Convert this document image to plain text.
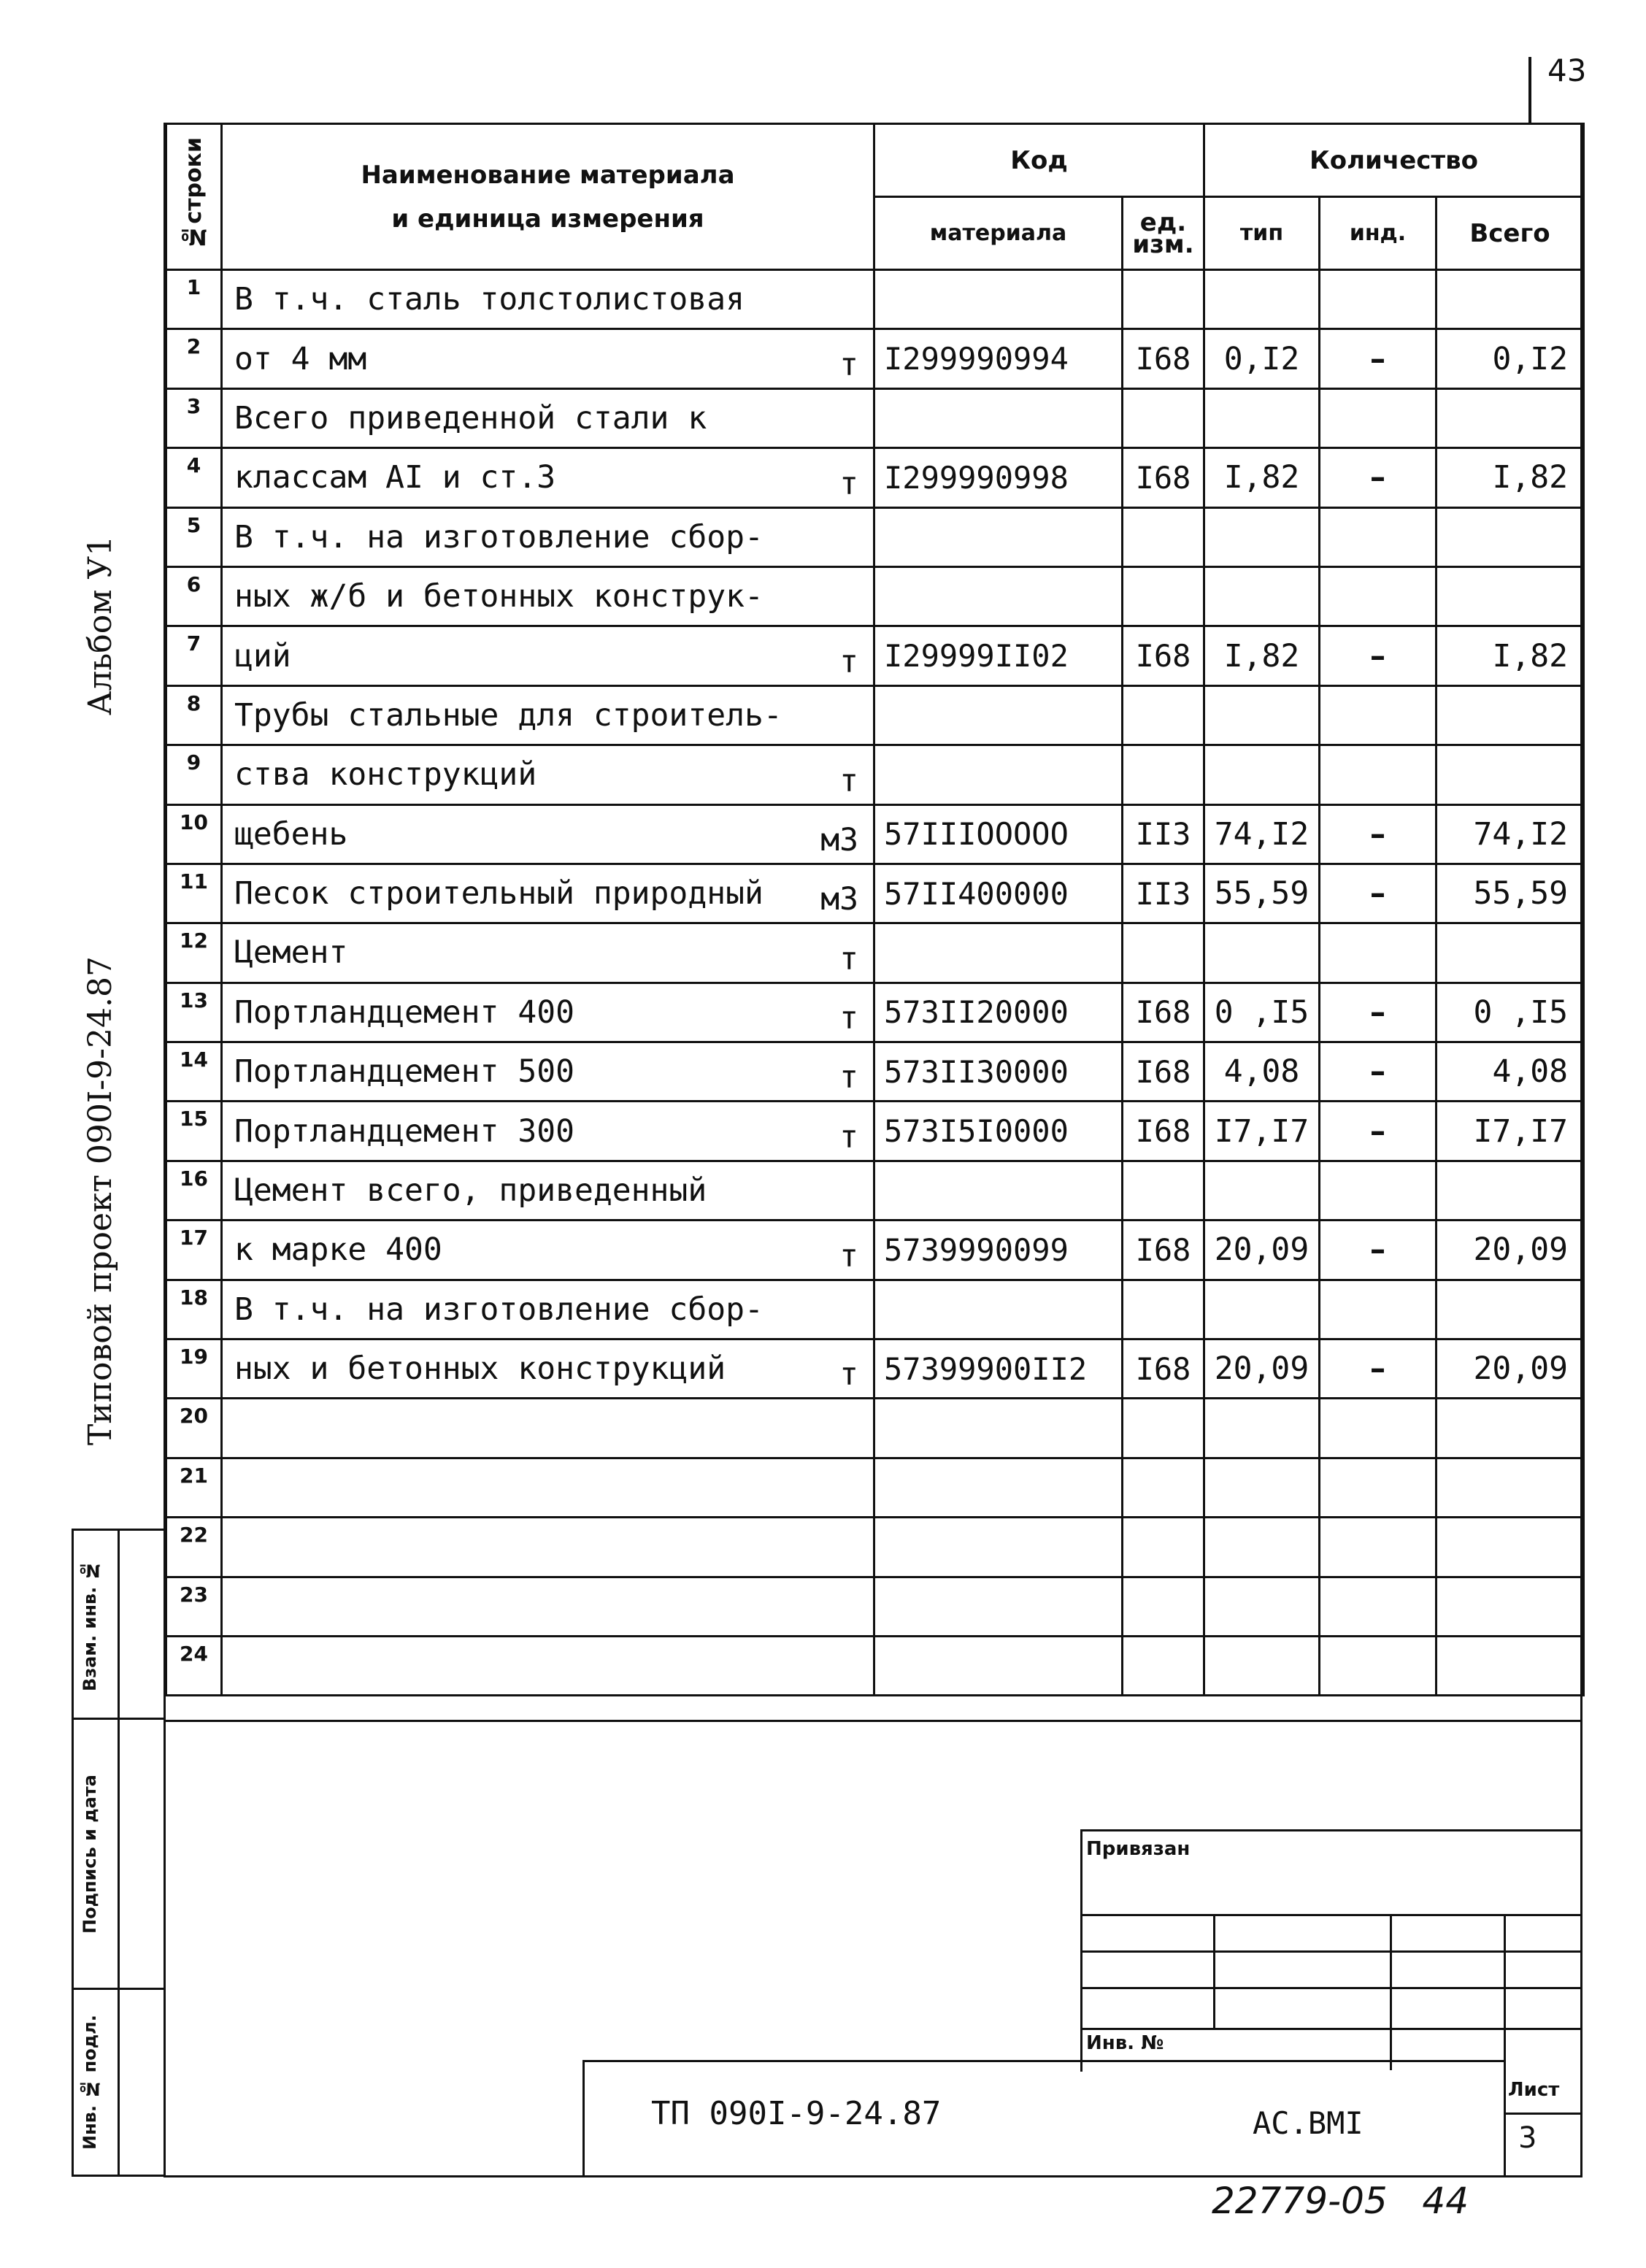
43
Альбом У1
Типовой проект 090I-9-24.87
Взам. инв. №
Подпись и дата
Инв. № подл.
№строки	Наименование материала
и единица измерения	Код		Количество		
		материала	ед. изм.	тип	инд.	Всего
1	В т.ч. сталь толстолистовая

2	от 4 мм т	I299990994	I68	0,I2	–	0,I2
3	Всего приведенной стали к

4	классам AI и ст.3 т	I299990998	I68	I,82	–	I,82
5	В т.ч. на изготовление сбор-

6	ных ж/б и бетонных конструк-

7	ций т	I29999II02	I68	I,82	–	I,82
8	Трубы стальные для строитель-

9	ства конструкций т					

10	щебень м3	57IIIOOOOO	II3	74,I2	–	74,I2
11	Песок строительный природный м3	57II400000	II3	55,59	–	55,59
12	Цемент т					

13	Портландцемент 400 т	573II20000	I68	0 ,I5	–	0 ,I5
14	Портландцемент 500 т	573II30000	I68	4,08	–	4,08
15	Портландцемент 300 т	573I5I0000	I68	I7,I7	–	I7,I7
16	Цемент всего, приведенный

17	к марке 400 т	5739990099	I68	20,09	–	20,09
18	В т.ч. на изготовление сбор-

19	ных и бетонных конструкций т	57399900II2	I68	20,09	–	20,09
20	

21	

22	

23	

24	

Привязан
Инв. №
ТП 090I-9-24.87	АС.ВМI
Лист
3
22779-05   44
